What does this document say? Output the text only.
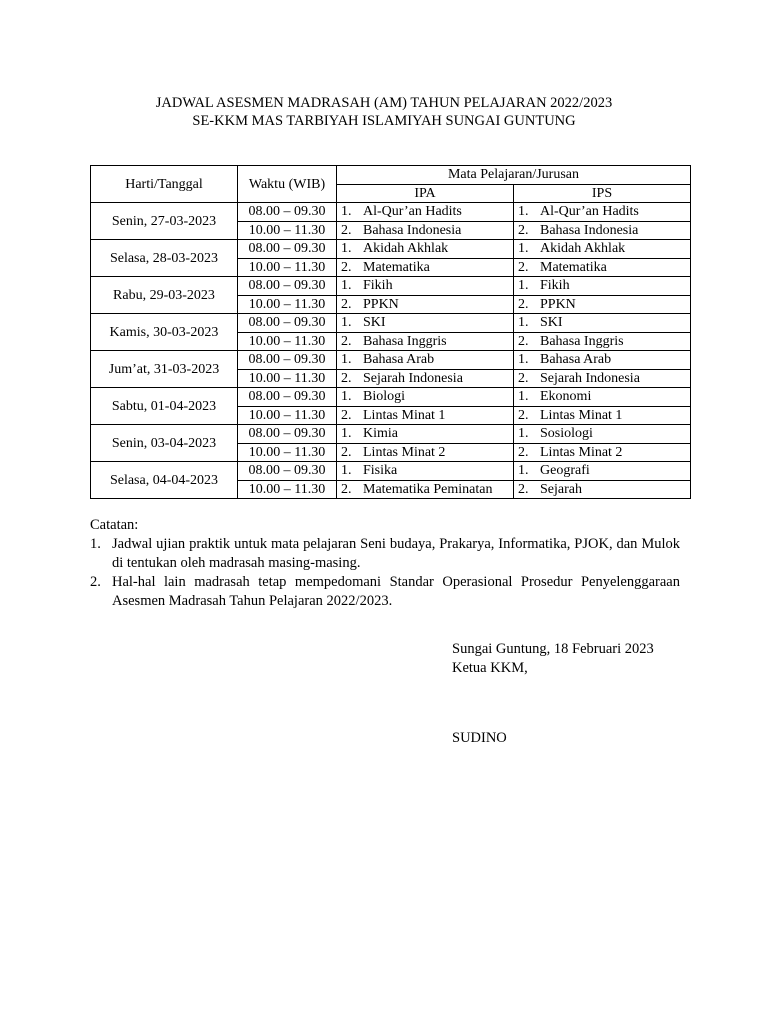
JADWAL ASESMEN MADRASAH (AM) TAHUN PELAJARAN 2022/2023
SE-KKM MAS TARBIYAH ISLAMIYAH SUNGAI GUNTUNG
Harti/Tanggal	Waktu (WIB)	Mata Pelajaran/Jurusan	
		IPA	IPS
Senin, 27-03-2023	08.00 – 09.30	1. Al-Qur’an Hadits	1. Al-Qur’an Hadits
	10.00 – 11.30	2. Bahasa Indonesia	2. Bahasa Indonesia
Selasa, 28-03-2023	08.00 – 09.30	1. Akidah Akhlak	1. Akidah Akhlak
	10.00 – 11.30	2. Matematika	2. Matematika
Rabu, 29-03-2023	08.00 – 09.30	1. Fikih	1. Fikih
	10.00 – 11.30	2. PPKN	2. PPKN
Kamis, 30-03-2023	08.00 – 09.30	1. SKI	1. SKI
	10.00 – 11.30	2. Bahasa Inggris	2. Bahasa Inggris
Jum’at, 31-03-2023	08.00 – 09.30	1. Bahasa Arab	1. Bahasa Arab
	10.00 – 11.30	2. Sejarah Indonesia	2. Sejarah Indonesia
Sabtu, 01-04-2023	08.00 – 09.30	1. Biologi	1. Ekonomi
	10.00 – 11.30	2. Lintas Minat 1	2. Lintas Minat 1
Senin, 03-04-2023	08.00 – 09.30	1. Kimia	1. Sosiologi
	10.00 – 11.30	2. Lintas Minat 2	2. Lintas Minat 2
Selasa, 04-04-2023	08.00 – 09.30	1. Fisika	1. Geografi
	10.00 – 11.30	2. Matematika Peminatan	2. Sejarah
Catatan:
1. Jadwal ujian praktik untuk mata pelajaran Seni budaya, Prakarya, Informatika, PJOK, dan Mulok di tentukan oleh madrasah masing-masing.
2. Hal-hal lain madrasah tetap mempedomani Standar Operasional Prosedur Penyelenggaraan Asesmen Madrasah Tahun Pelajaran 2022/2023.
Sungai Guntung, 18 Februari 2023
Ketua KKM,
SUDINO
